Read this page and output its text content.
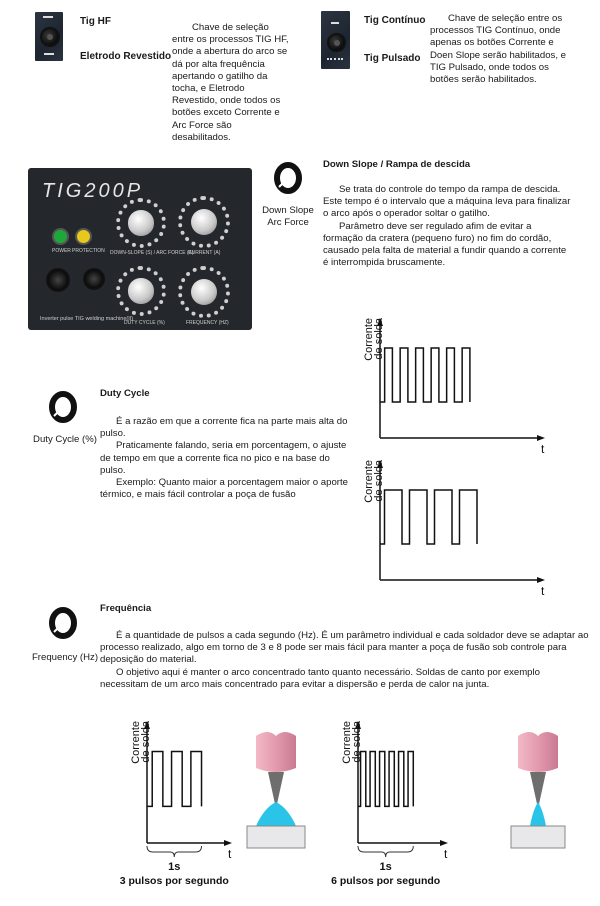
Tig HF
Eletrodo Revestido

Chave de seleção entre os processos TIG HF, onde a abertura do arco se dá por alta frequência apertando o gatilho da tocha, e Eletrodo Revestido, onde todos os botões exceto Corrente e Arc Force são desabilitados.

Tig Contínuo
Tig Pulsado

Chave de seleção entre os processos TIG Contínuo, onde apenas os botões Corrente e Doen Slope serão habilitados, e TIG Pulsado, onde todos os botões serão habilitados.

TIG200P
POWER PROTECTION DOWN-SLOPE (S) / ARC FORCE (A)
CURRENT (A)
DUTY CYCLE (%)	FREQUENCY (HZ)
Inverter pulse TIG welding machine(II)
Down Slope
Arc Force
Down Slope / Rampa de descida

Se trata do controle do tempo da rampa de descida. Este tempo é o intervalo que a máquina leva para finalizar o arco após o operador soltar o gatilho.

Parâmetro deve ser regulado afim de evitar a formação da cratera (pequeno furo) no fim do cordão, causado pela falta de material a fundir quando a corrente é interrompida bruscamente.

Duty Cycle (%)
Duty Cycle

É a razão em que a corrente fica na parte mais alta do pulso.

Praticamente falando, seria em porcentagem, o ajuste de tempo em que a corrente fica no pico e na base do pulso.

Exemplo: Quanto maior a porcentagem maior o aporte térmico, e mais fácil controlar a poça de fusão

t
Corrente
de solda
t
Corrente
de solda
Frequency (Hz)
Frequência

É a quantidade de pulsos a cada segundo (Hz). É um parâmetro individual e cada soldador deve se adaptar ao processo realizado, algo em torno de 3 e 8 pode ser mais fácil para manter a poça de fusão sob controle para deposição do material.

O objetivo aqui é manter o arco concentrado tanto quanto necessário. Soldas de canto por exemplo necessitam de um arco mais concentrado para evitar a dispersão e perda de calor na junta.

t
Corrente
de solda
1s
3 pulsos por segundo
t
Corrente
de solda
1s
6 pulsos por segundo
